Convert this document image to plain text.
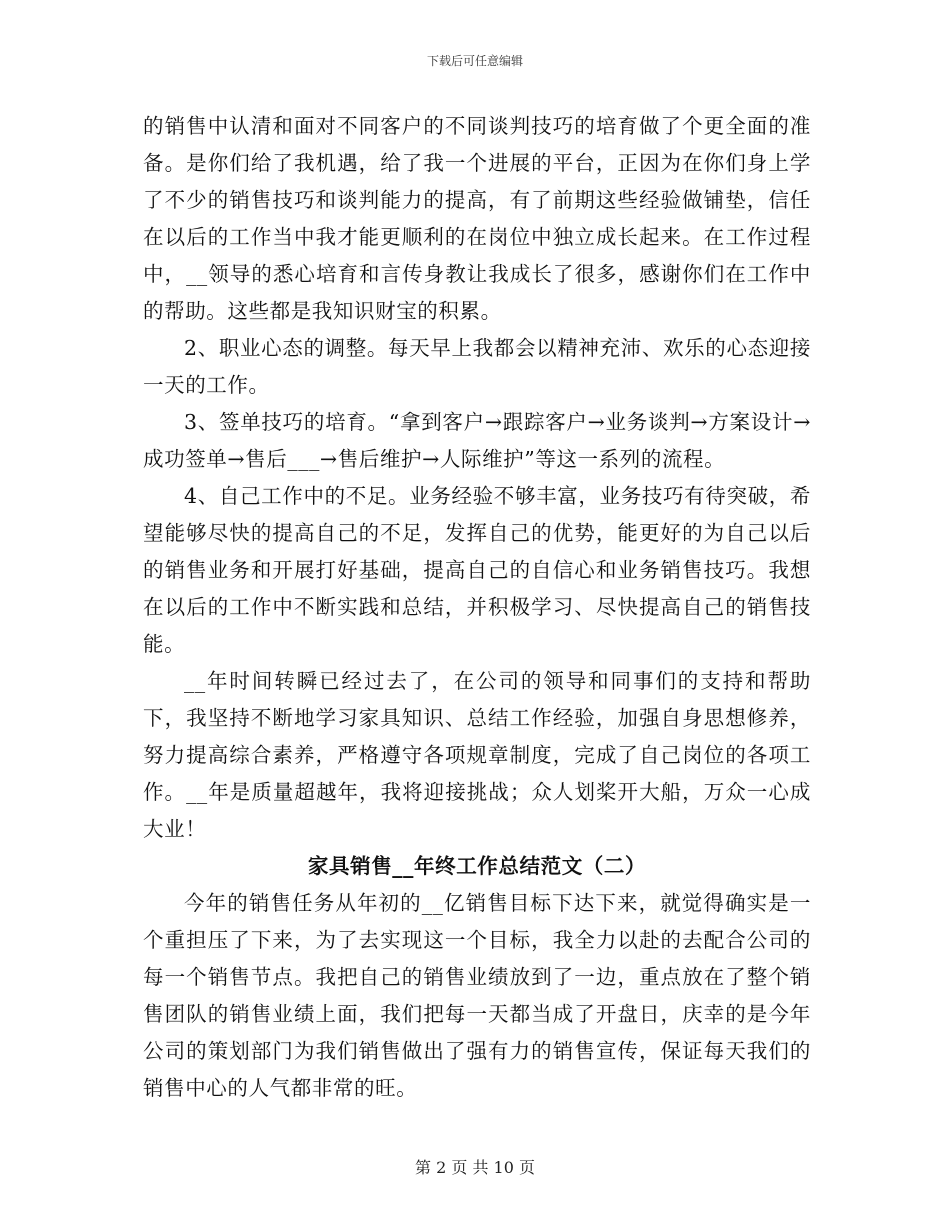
下载后可任意编辑

的销售中认清和面对不同客户的不同谈判技巧的培育做了个更全面的准备。是你们给了我机遇，给了我一个进展的平台，正因为在你们身上学了不少的销售技巧和谈判能力的提高，有了前期这些经验做铺垫，信任在以后的工作当中我才能更顺利的在岗位中独立成长起来。在工作过程中，__领导的悉心培育和言传身教让我成长了很多，感谢你们在工作中的帮助。这些都是我知识财宝的积累。

2、职业心态的调整。每天早上我都会以精神充沛、欢乐的心态迎接一天的工作。

3、签单技巧的培育。“拿到客户→跟踪客户→业务谈判→方案设计→成功签单→售后___→售后维护→人际维护”等这一系列的流程。

4、自己工作中的不足。业务经验不够丰富，业务技巧有待突破，希望能够尽快的提高自己的不足，发挥自己的优势，能更好的为自己以后的销售业务和开展打好基础，提高自己的自信心和业务销售技巧。我想在以后的工作中不断实践和总结，并积极学习、尽快提高自己的销售技能。

__年时间转瞬已经过去了，在公司的领导和同事们的支持和帮助下，我坚持不断地学习家具知识、总结工作经验，加强自身思想修养，努力提高综合素养，严格遵守各项规章制度，完成了自己岗位的各项工作。__年是质量超越年，我将迎接挑战；众人划桨开大船，万众一心成大业！

家具销售__年终工作总结范文（二）

今年的销售任务从年初的__亿销售目标下达下来，就觉得确实是一个重担压了下来，为了去实现这一个目标，我全力以赴的去配合公司的每一个销售节点。我把自己的销售业绩放到了一边，重点放在了整个销售团队的销售业绩上面，我们把每一天都当成了开盘日，庆幸的是今年公司的策划部门为我们销售做出了强有力的销售宣传，保证每天我们的销售中心的人气都非常的旺。

第 2 页 共 10 页
